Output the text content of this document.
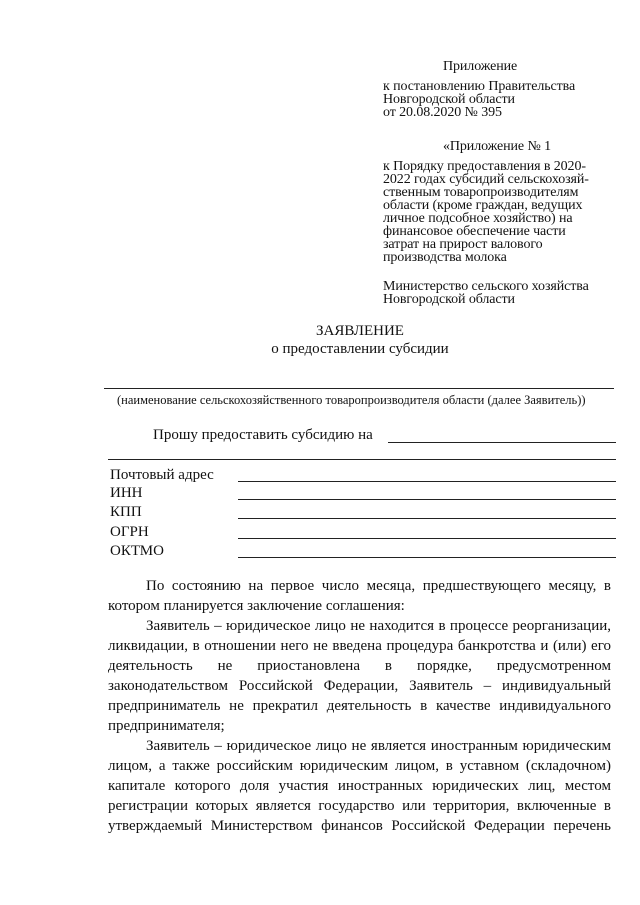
Приложение
к постановлению Правительства
Новгородской области
от 20.08.2020 № 395
«Приложение № 1
к Порядку предоставления в 2020-
2022 годах субсидий сельскохозяй-
ственным товаропроизводителям
области (кроме граждан, ведущих
личное подсобное хозяйство) на
финансовое обеспечение части
затрат на прирост валового
производства молока
Министерство сельского хозяйства
Новгородской области
ЗАЯВЛЕНИЕ
о предоставлении субсидии
(наименование сельскохозяйственного товаропроизводителя области (далее Заявитель))
Прошу предоставить субсидию на
Почтовый адрес
ИНН
КПП
ОГРН
ОКТМО
По состоянию на первое число месяца, предшествующего месяцу, в
котором планируется заключение соглашения:
Заявитель – юридическое лицо не находится в процессе реорганизации,
ликвидации, в отношении него не введена процедура банкротства и (или) его
деятельность не приостановлена в порядке, предусмотренном
законодательством Российской Федерации, Заявитель – индивидуальный
предприниматель не прекратил деятельность в качестве индивидуального
предпринимателя;
Заявитель – юридическое лицо не является иностранным юридическим
лицом, а также российским юридическим лицом, в уставном (складочном)
капитале которого доля участия иностранных юридических лиц, местом
регистрации которых является государство или территория, включенные в
утверждаемый Министерством финансов Российской Федерации перечень
